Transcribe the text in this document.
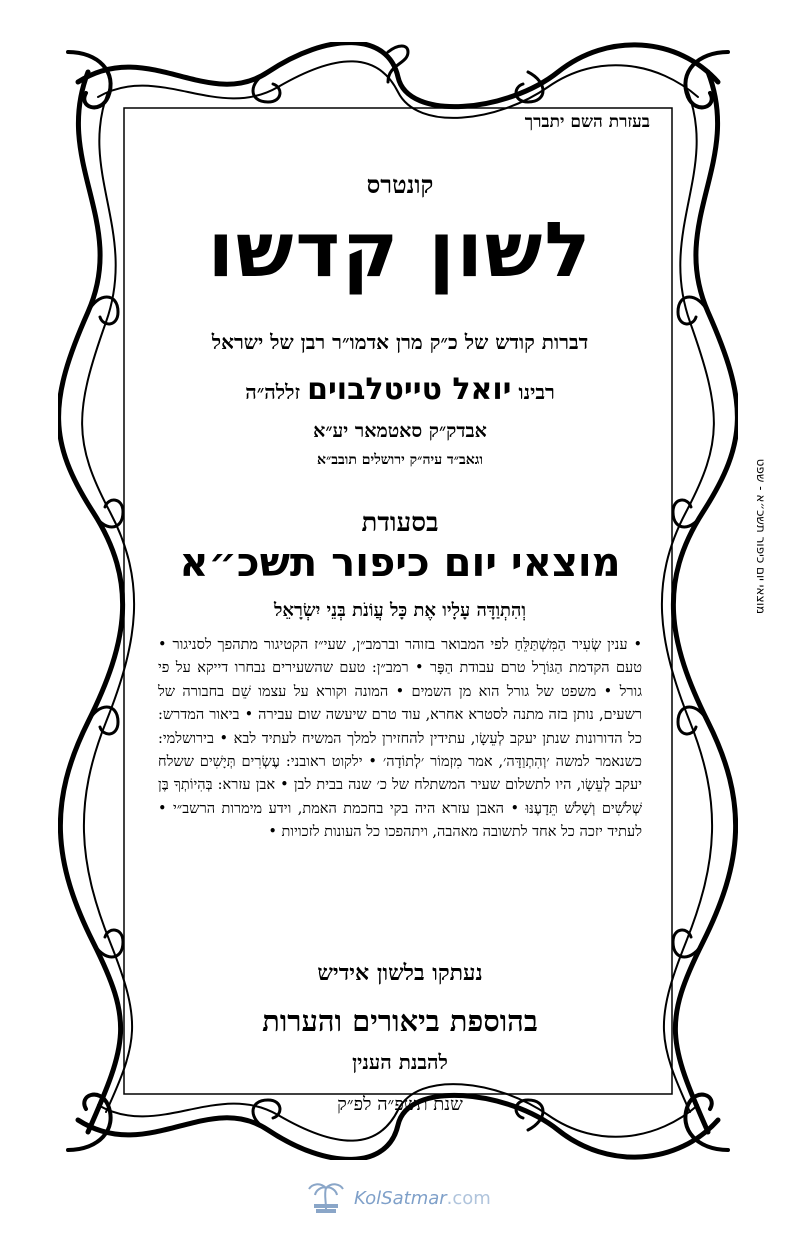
בעזרת השם יתברך
קונטרס
לשון קדשו
דברות קודש של כ״ק מרן אדמו״ר רבן של ישראל
רבינו יואל טייטלבוים זללה״ה
אבדק״ק סאטמאר יע״א
וגאב״ד עיה״ק ירושלים תובב״א
בסעודת
מוצאי יום כיפור תשכ״א
וְהִתְוַדָּה עָלָיו אֶת כָּל עֲוֹנֹת בְּנֵי יִשְׂרָאֵל
• ענין שְׂעִיר הַמִּשְׁתַּלֵּחַ לפי המבואר בזוהר וברמב״ן, שעי״ז הקטיגור מתהפך לסניגור • טעם הקדמת הַגּוֹרָל טרם עבודת הַפָּר • רמב״ן: טעם שהשעירים נבחרו דייקא על פי גורל • משפט של גורל הוא מן השמים • המונה וקורא על עצמו שֵׁם בחבורה של רשעים, נותן בזה מתנה לסטרא אחרא, עוד טרם שיעשה שום עבירה • ביאור המדרש: כל הדורונות שנתן יעקב לְעֵשָׂו, עתידין להחזירן למלך המשיח לעתיד לבא • בירושלמי: כשנאמר למשה ׳וְהִתְוַדָּה׳, אמר מִזְמוֹר ׳לְתוֹדָה׳ • ילקוט ראובני: עֶשְׂרִים תְּיָשִׁים ששלח יעקב לְעֵשָׂו, היו לתשלום שעיר המשתלח של כ׳ שנה בבית לבן • אבן עזרא: בְּהִיוֹתְךָ בֶּן שְׁלֹשִׁים וְשָׁלֹשׁ תֵּדָעֶנּוּ • האבן עזרא היה בקי בחכמת האמת, וידע מימרות הרשב״י • לעתיד יזכה כל אחד לתשובה מאהבה, ויתהפכו כל העונות לזכויות •
נעתקו בלשון אידיש
בהוספת ביאורים והערות
להבנת הענין
שנת תשפ״ה לפ״ק
מוצאי יום כיפור תשכ״א - שפט
KolSatmar.com
